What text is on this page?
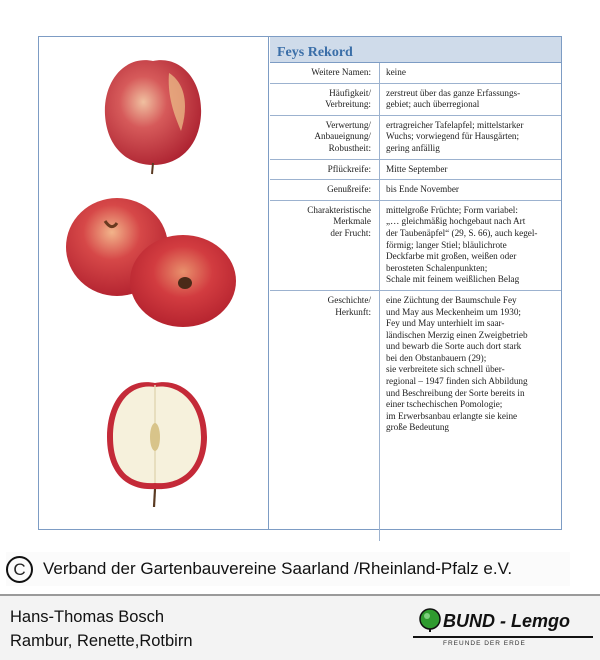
Feys Rekord
Weitere Namen:	keine
Häufigkeit/
Verbreitung:
zerstreut über das ganze Erfassungs-
gebiet; auch überregional
Verwertung/
Anbaueignung/
Robustheit:
ertragreicher Tafelapfel; mittelstarker
Wuchs; vorwiegend für Hausgärten;
gering anfällig
Pflückreife:	Mitte September
Genußreife:	bis Ende November
Charakteristische
Merkmale
der Frucht:
mittelgroße Früchte; Form variabel:
„… gleichmäßig hochgebaut nach Art
der Taubenäpfel“ (29, S. 66), auch kegel-
förmig; langer Stiel; bläulichrote
Deckfarbe mit großen, weißen oder
berosteten Schalenpunkten;
Schale mit feinem weißlichen Belag
Geschichte/
Herkunft:
eine Züchtung der Baumschule Fey
und May aus Meckenheim um 1930;
Fey und May unterhielt im saar-
ländischen Merzig einen Zweigbetrieb
und bewarb die Sorte auch dort stark
bei den Obstanbauern (29);
sie verbreitete sich schnell über-
regional – 1947 finden sich Abbildung
und Beschreibung der Sorte bereits in
einer tschechischen Pomologie;
im Erwerbsanbau erlangte sie keine
große Bedeutung
C	Verband der Gartenbauvereine Saarland /Rheinland-Pfalz e.V.
Hans-Thomas Bosch
Rambur, Renette,Rotbirn
BUND - Lemgo
FREUNDE DER ERDE
